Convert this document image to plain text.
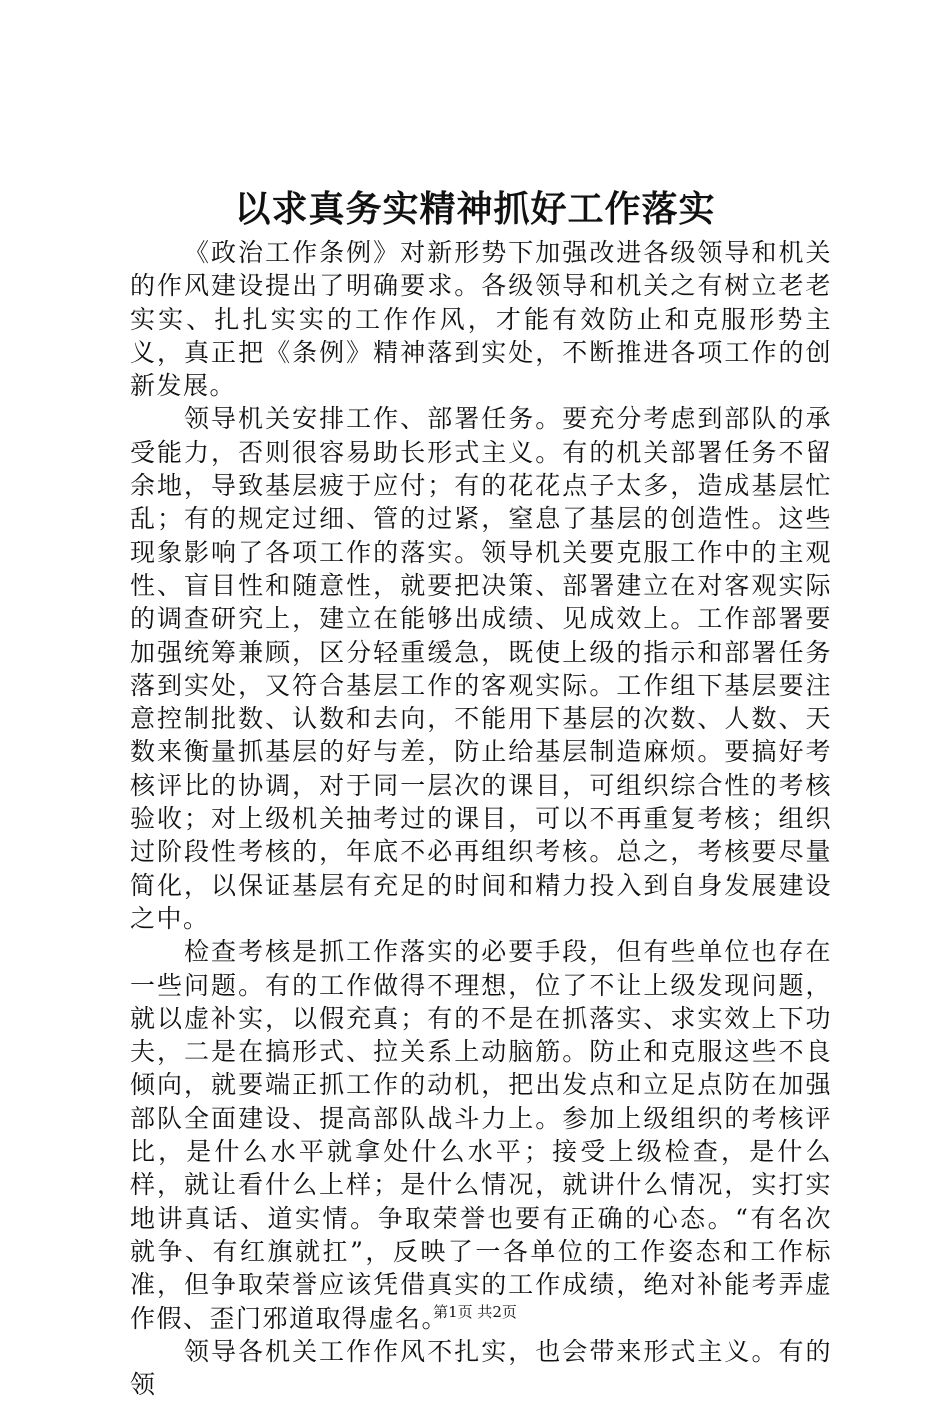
以求真务实精神抓好工作落实

《政治工作条例》对新形势下加强改进各级领导和机关的作风建设提出了明确要求。各级领导和机关之有树立老老实实、扎扎实实的工作作风，才能有效防止和克服形势主义，真正把《条例》精神落到实处，不断推进各项工作的创新发展。

领导机关安排工作、部署任务。要充分考虑到部队的承受能力，否则很容易助长形式主义。有的机关部署任务不留余地，导致基层疲于应付；有的花花点子太多，造成基层忙乱；有的规定过细、管的过紧，窒息了基层的创造性。这些现象影响了各项工作的落实。领导机关要克服工作中的主观性、盲目性和随意性，就要把决策、部署建立在对客观实际的调查研究上，建立在能够出成绩、见成效上。工作部署要加强统筹兼顾，区分轻重缓急，既使上级的指示和部署任务落到实处，又符合基层工作的客观实际。工作组下基层要注意控制批数、认数和去向，不能用下基层的次数、人数、天数来衡量抓基层的好与差，防止给基层制造麻烦。要搞好考核评比的协调，对于同一层次的课目，可组织综合性的考核验收；对上级机关抽考过的课目，可以不再重复考核；组织过阶段性考核的，年底不必再组织考核。总之，考核要尽量简化，以保证基层有充足的时间和精力投入到自身发展建设之中。

检查考核是抓工作落实的必要手段，但有些单位也存在一些问题。有的工作做得不理想，位了不让上级发现问题，就以虚补实，以假充真；有的不是在抓落实、求实效上下功夫，二是在搞形式、拉关系上动脑筋。防止和克服这些不良倾向，就要端正抓工作的动机，把出发点和立足点防在加强部队全面建设、提高部队战斗力上。参加上级组织的考核评比，是什么水平就拿处什么水平；接受上级检查，是什么样，就让看什么上样；是什么情况，就讲什么情况，实打实地讲真话、道实情。争取荣誉也要有正确的心态。“有名次就争、有红旗就扛”，反映了一各单位的工作姿态和工作标准，但争取荣誉应该凭借真实的工作成绩，绝对补能考弄虚作假、歪门邪道取得虚名。

领导各机关工作作风不扎实，也会带来形式主义。有的领

第1页 共2页
